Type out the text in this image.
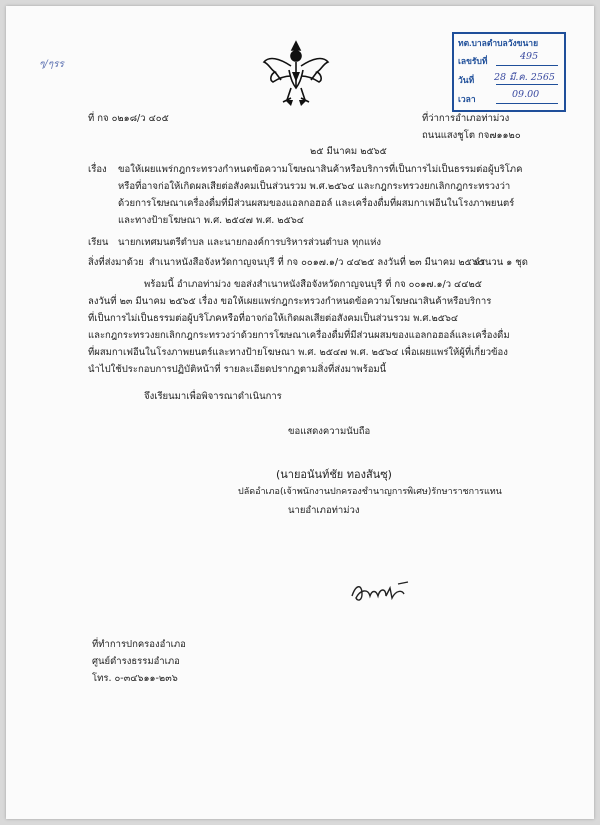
ๆ/ๆรร
ทต.บาลตำบลวังขนาย
เลขรับที่	495
วันที่ 28 มี.ค. 2565
เวลา	09.00
ที่ กจ ๐๒๑๘/ว ๔๐๕	ที่ว่าการอำเภอท่าม่วง
ถนนแสงชูโต กจ๗๑๑๒๐
๒๕ มีนาคม ๒๕๖๕
เรื่อง ขอให้เผยแพร่กฎกระทรวงกำหนดข้อความโฆษณาสินค้าหรือบริการที่เป็นการไม่เป็นธรรมต่อผู้บริโภค
หรือที่อาจก่อให้เกิดผลเสียต่อสังคมเป็นส่วนรวม พ.ศ.๒๕๖๔ และกฎกระทรวงยกเลิกกฎกระทรวงว่า
ด้วยการโฆษณาเครื่องดื่มที่มีส่วนผสมของแอลกอฮอล์ และเครื่องดื่มที่ผสมกาเฟอีนในโรงภาพยนตร์
และทางป้ายโฆษณา พ.ศ. ๒๕๔๗ พ.ศ. ๒๕๖๔
เรียน นายกเทศมนตรีตำบล และนายกองค์การบริหารส่วนตำบล ทุกแห่ง
สิ่งที่ส่งมาด้วย สำเนาหนังสือจังหวัดกาญจนบุรี ที่ กจ ๐๐๑๗.๑/ว ๔๔๒๕ ลงวันที่ ๒๓ มีนาคม ๒๕๖๕
จำนวน ๑ ชุด
พร้อมนี้ อำเภอท่าม่วง ขอส่งสำเนาหนังสือจังหวัดกาญจนบุรี ที่ กจ ๐๐๑๗.๑/ว ๔๔๒๕
ลงวันที่ ๒๓ มีนาคม ๒๕๖๕ เรื่อง ขอให้เผยแพร่กฎกระทรวงกำหนดข้อความโฆษณาสินค้าหรือบริการ
ที่เป็นการไม่เป็นธรรมต่อผู้บริโภคหรือที่อาจก่อให้เกิดผลเสียต่อสังคมเป็นส่วนรวม พ.ศ.๒๕๖๔
และกฎกระทรวงยกเลิกกฎกระทรวงว่าด้วยการโฆษณาเครื่องดื่มที่มีส่วนผสมของแอลกอฮอล์และเครื่องดื่ม
ที่ผสมกาเฟอีนในโรงภาพยนตร์และทางป้ายโฆษณา พ.ศ. ๒๕๔๗ พ.ศ. ๒๕๖๔ เพื่อเผยแพร่ให้ผู้ที่เกี่ยวข้อง
นำไปใช้ประกอบการปฏิบัติหน้าที่ รายละเอียดปรากฏตามสิ่งที่ส่งมาพร้อมนี้
จึงเรียนมาเพื่อพิจารณาดำเนินการ
ขอแสดงความนับถือ
(นายอนันท์ชัย ทองสันซุ)
ปลัดอำเภอ(เจ้าพนักงานปกครองชำนาญการพิเศษ)รักษาราชการแทน
นายอำเภอท่าม่วง
ที่ทำการปกครองอำเภอ
ศูนย์ดำรงธรรมอำเภอ
โทร. ๐-๓๔๖๑๑-๒๓๖
